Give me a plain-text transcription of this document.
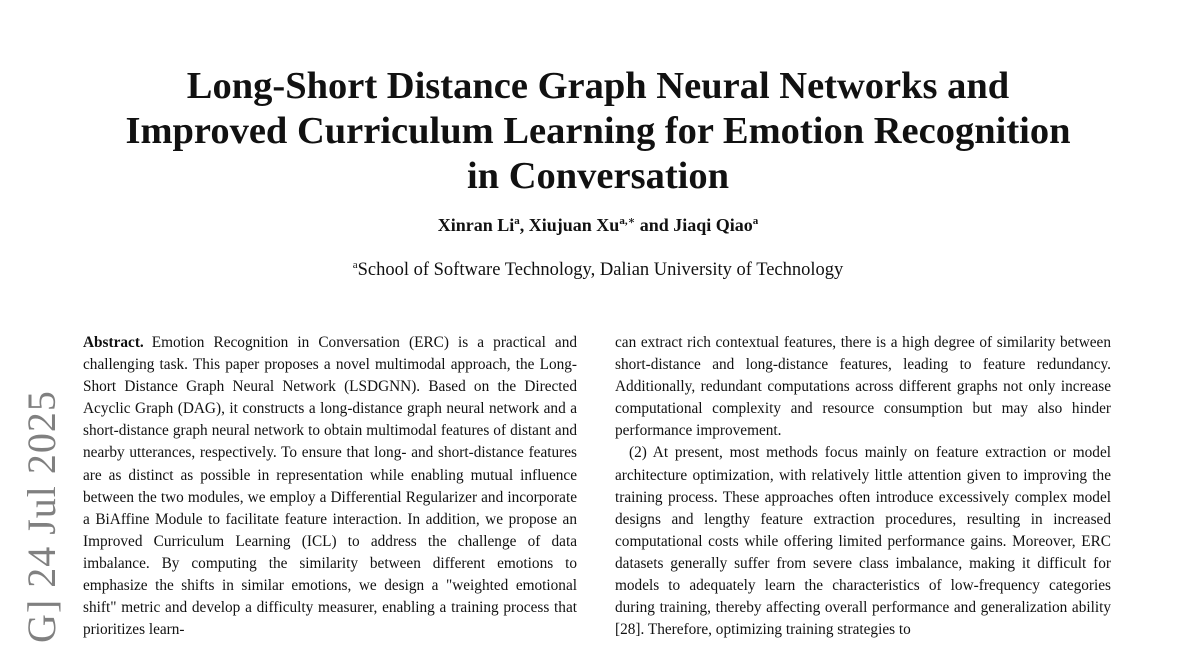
G] 24 Jul 2025
Long-Short Distance Graph Neural Networks and
Improved Curriculum Learning for Emotion Recognition
in Conversation
Xinran Li$^a$, Xiujuan $Xu^{a,∗}$ and Jiaqi Qiao$^a$
$^a$School of Software Technology, Dalian University of Technology

Abstract. Emotion Recognition in Conversation (ERC) is a practical and challenging task. This paper proposes a novel multimodal approach, the Long-Short Distance Graph Neural Network (LSDGNN). Based on the Directed Acyclic Graph (DAG), it constructs a long-distance graph neural network and a short-distance graph neural network to obtain multimodal features of distant and nearby utterances, respectively. To ensure that long- and short-distance features are as distinct as possible in representation while enabling mutual influence between the two modules, we employ a Differential Regularizer and incorporate a BiAffine Module to facilitate feature interaction. In addition, we propose an Improved Curriculum Learning (ICL) to address the challenge of data imbalance. By computing the similarity between different emotions to emphasize the shifts in similar emotions, we design a "weighted emotional shift" metric and develop a difficulty measurer, enabling a training process that prioritizes learn-

can extract rich contextual features, there is a high degree of similarity between short-distance and long-distance features, leading to feature redundancy. Additionally, redundant computations across different graphs not only increase computational complexity and resource consumption but may also hinder performance improvement.

(2) At present, most methods focus mainly on feature extraction or model architecture optimization, with relatively little attention given to improving the training process. These approaches often introduce excessively complex model designs and lengthy feature extraction procedures, resulting in increased computational costs while offering limited performance gains. Moreover, ERC datasets generally suffer from severe class imbalance, making it difficult for models to adequately learn the characteristics of low-frequency categories during training, thereby affecting overall performance and generalization ability [28]. Therefore, optimizing training strategies to
